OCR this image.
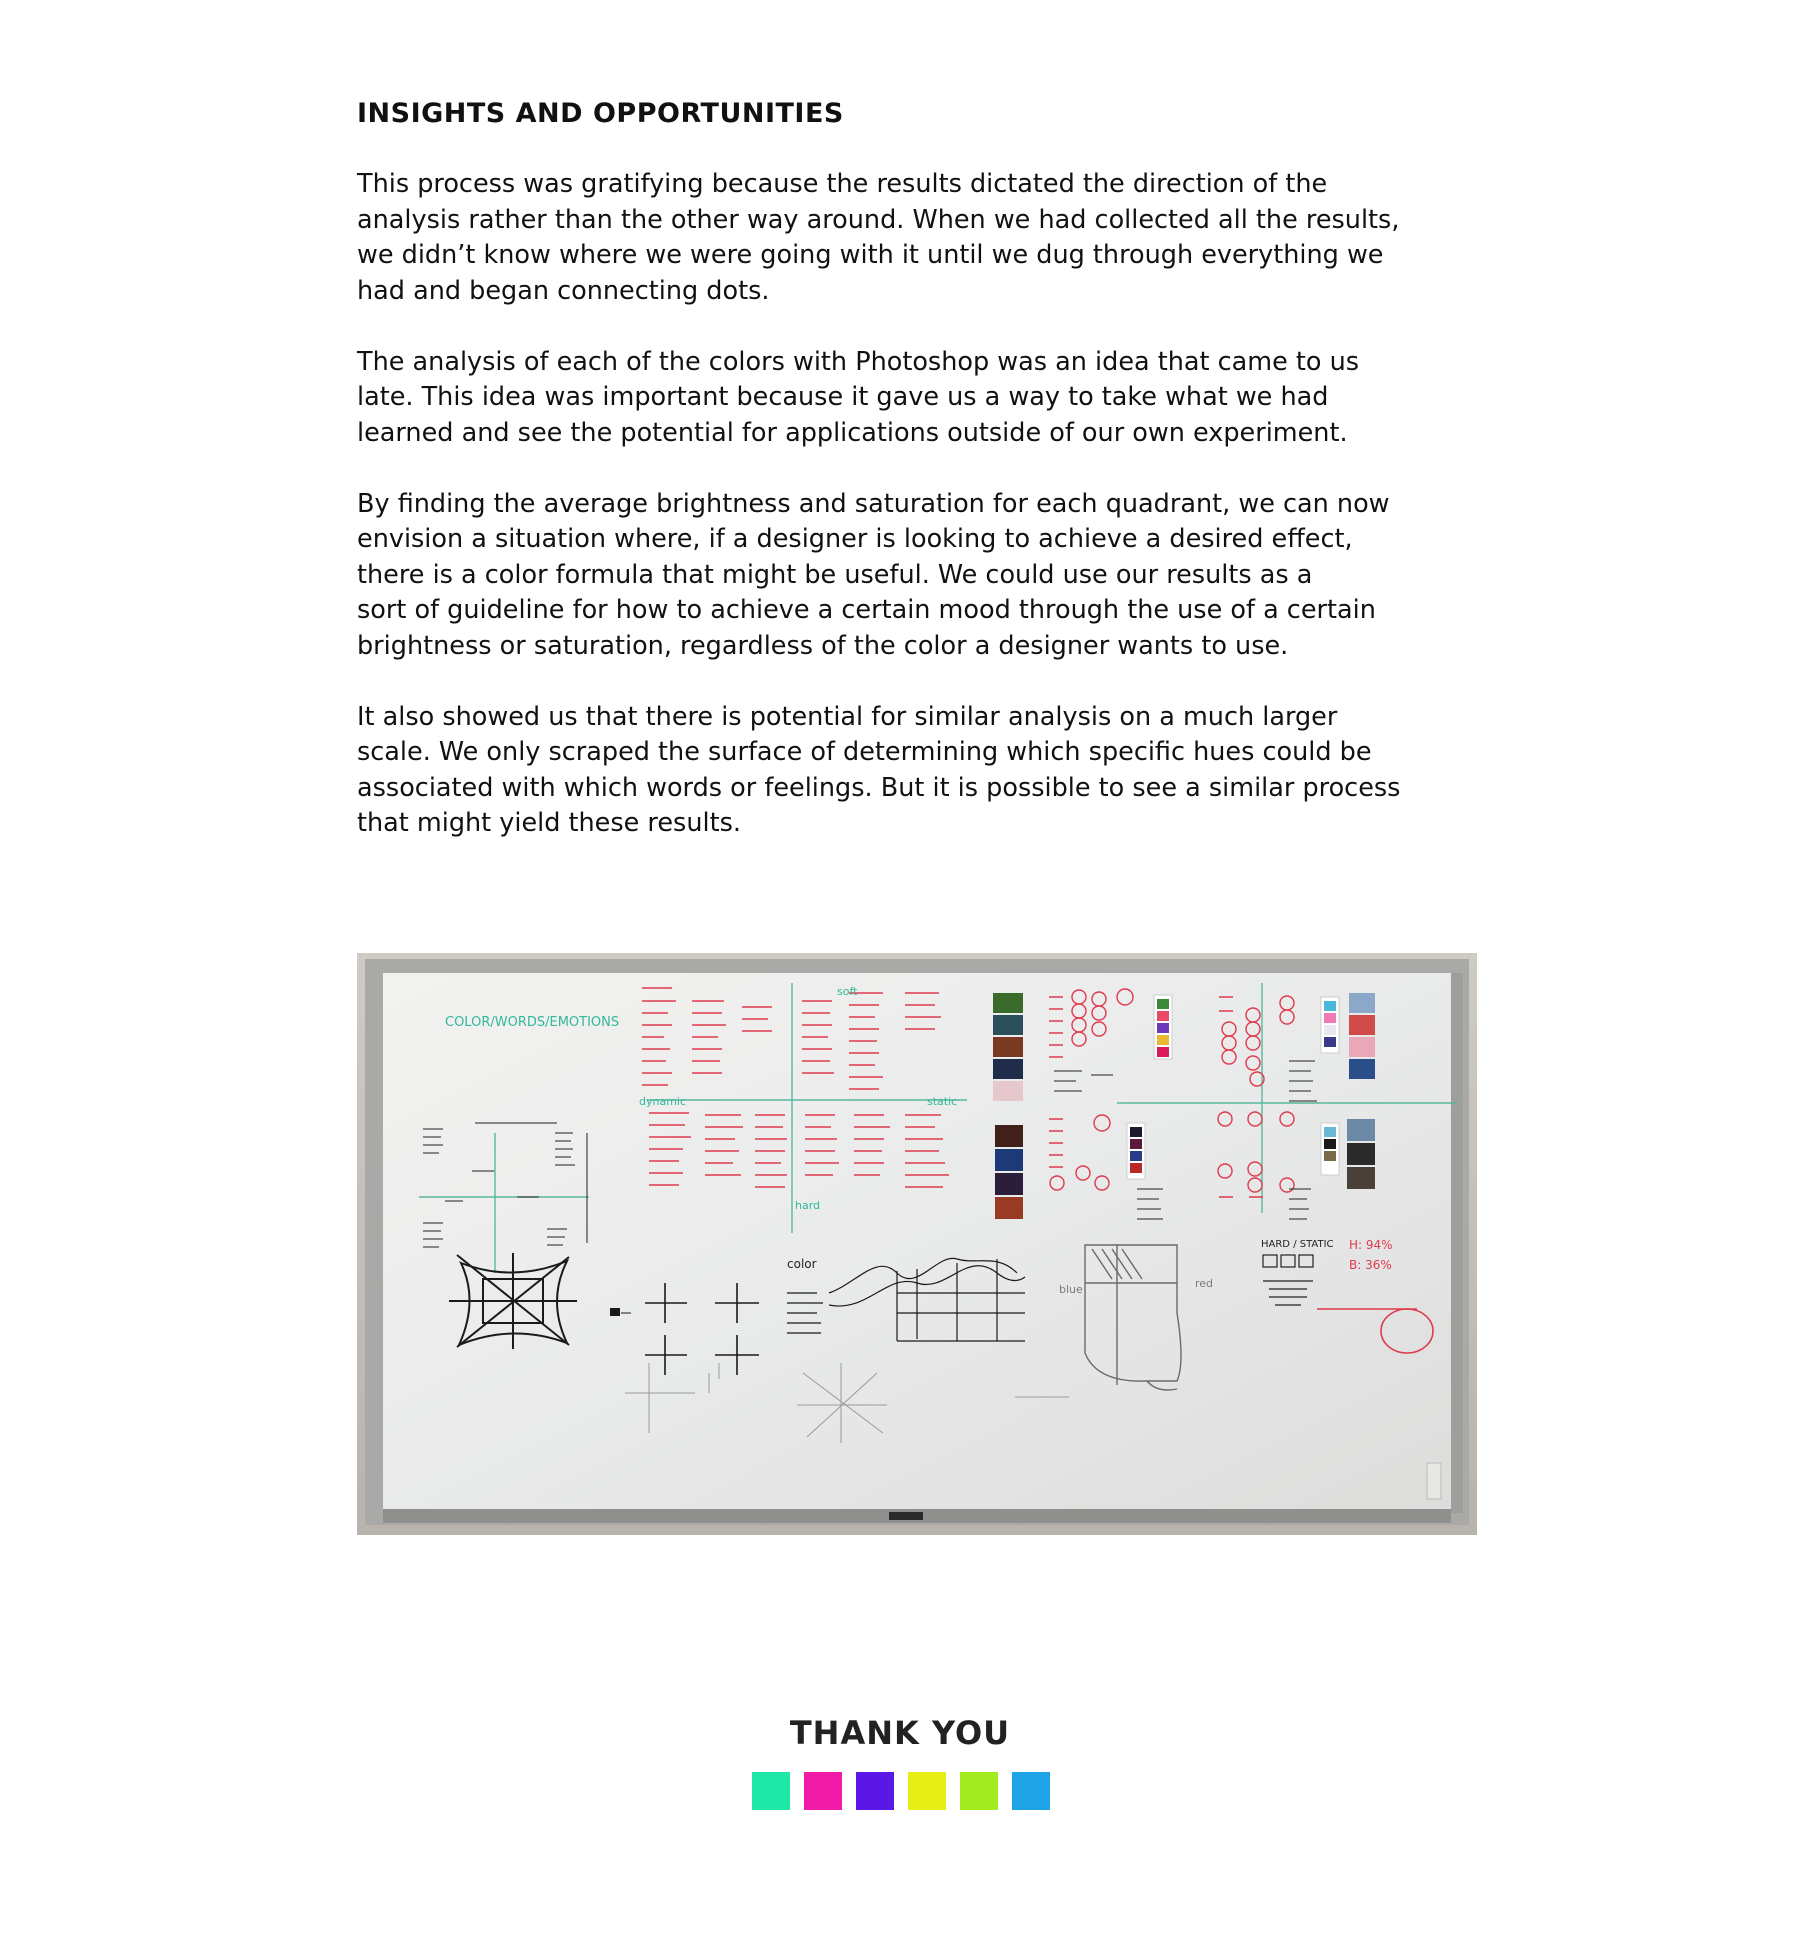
INSIGHTS AND OPPORTUNITIES

This process was gratifying because the results dictated the direction of the
analysis rather than the other way around. When we had collected all the results,
we didn’t know where we were going with it until we dug through everything we
had and began connecting dots.

The analysis of each of the colors with Photoshop was an idea that came to us
late. This idea was important because it gave us a way to take what we had
learned and see the potential for applications outside of our own experiment.

By finding the average brightness and saturation for each quadrant, we can now
envision a situation where, if a designer is looking to achieve a desired effect,
there is a color formula that might be useful. We could use our results as a
sort of guideline for how to achieve a certain mood through the use of a certain
brightness or saturation, regardless of the color a designer wants to use.

It also showed us that there is potential for similar analysis on a much larger
scale. We only scraped the surface of determining which specific hues could be
associated with which words or feelings. But it is possible to see a similar process
that might yield these results.

COLOR/WORDS/EMOTIONS
soft
static
dynamic
hard
color
blue	red
HARD / STATIC H: 94%
B: 36%
THANK YOU
